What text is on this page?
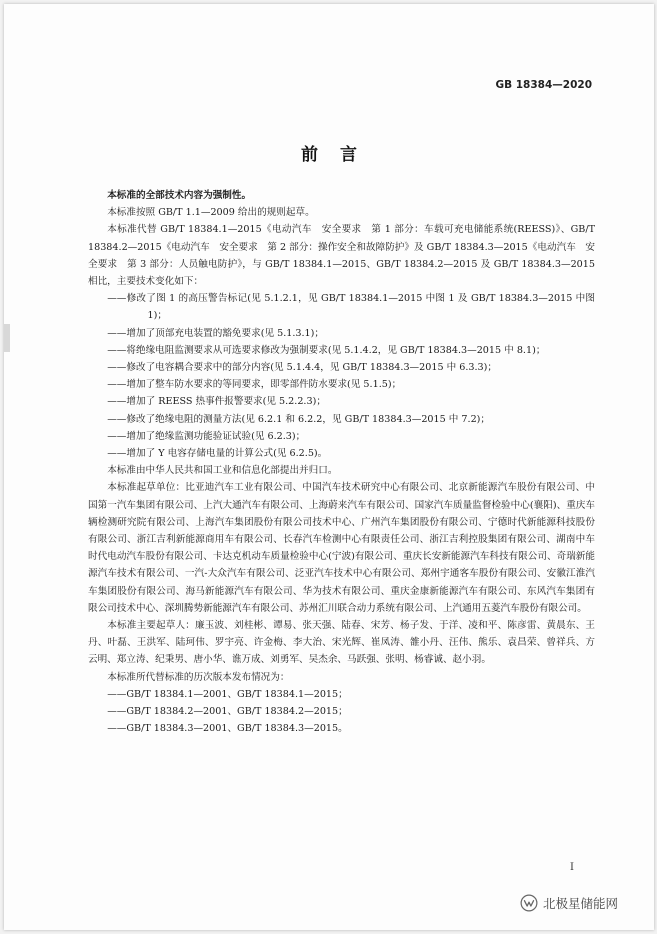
GB 18384—2020
前言

本标准的全部技术内容为强制性。

本标准按照 GB/T 1.1—2009 给出的规则起草。

本标准代替 GB/T 18384.1—2015《电动汽车　安全要求　第 1 部分：车载可充电储能系统(REESS)》、GB/T 18384.2—2015《电动汽车　安全要求　第 2 部分：操作安全和故障防护》及 GB/T 18384.3—2015《电动汽车　安全要求　第 3 部分：人员触电防护》，与 GB/T 18384.1—2015、GB/T 18384.2—2015 及 GB/T 18384.3—2015 相比，主要技术变化如下：

——修改了图 1 的高压警告标记(见 5.1.2.1，见 GB/T 18384.1—2015 中图 1 及 GB/T 18384.3—2015 中图 1)；

——增加了顶部充电装置的豁免要求(见 5.1.3.1)；

——将绝缘电阻监测要求从可选要求修改为强制要求(见 5.1.4.2，见 GB/T 18384.3—2015 中 8.1)；

——修改了电容耦合要求中的部分内容(见 5.1.4.4，见 GB/T 18384.3—2015 中 6.3.3)；

——增加了整车防水要求的等同要求，即零部件防水要求(见 5.1.5)；

——增加了 REESS 热事件报警要求(见 5.2.2.3)；

——修改了绝缘电阻的测量方法(见 6.2.1 和 6.2.2，见 GB/T 18384.3—2015 中 7.2)；

——增加了绝缘监测功能验证试验(见 6.2.3)；

——增加了 Y 电容存储电量的计算公式(见 6.2.5)。

本标准由中华人民共和国工业和信息化部提出并归口。

本标准起草单位：比亚迪汽车工业有限公司、中国汽车技术研究中心有限公司、北京新能源汽车股份有限公司、中国第一汽车集团有限公司、上汽大通汽车有限公司、上海蔚来汽车有限公司、国家汽车质量监督检验中心(襄阳)、重庆车辆检测研究院有限公司、上海汽车集团股份有限公司技术中心、广州汽车集团股份有限公司、宁德时代新能源科技股份有限公司、浙江吉利新能源商用车有限公司、长春汽车检测中心有限责任公司、浙江吉利控股集团有限公司、湖南中车时代电动汽车股份有限公司、卡达克机动车质量检验中心(宁波)有限公司、重庆长安新能源汽车科技有限公司、奇瑞新能源汽车技术有限公司、一汽-大众汽车有限公司、泛亚汽车技术中心有限公司、郑州宇通客车股份有限公司、安徽江淮汽车集团股份有限公司、海马新能源汽车有限公司、华为技术有限公司、重庆金康新能源汽车有限公司、东风汽车集团有限公司技术中心、深圳腾势新能源汽车有限公司、苏州汇川联合动力系统有限公司、上汽通用五菱汽车股份有限公司。

本标准主要起草人：廉玉波、刘桂彬、谭易、张天强、陆春、宋芳、杨子发、于洋、凌和平、陈彦雷、黄晨东、王丹、叶磊、王洪军、陆珂伟、罗宇亮、许金梅、李大治、宋光辉、崔凤涛、雒小丹、汪伟、熊乐、袁昌荣、曾祥兵、方云明、郑立涛、纪秉男、唐小华、谯万成、刘勇军、吴杰余、马跃强、张明、杨睿诚、赵小羽。

本标准所代替标准的历次版本发布情况为：

——GB/T 18384.1—2001、GB/T 18384.1—2015；

——GB/T 18384.2—2001、GB/T 18384.2—2015；

——GB/T 18384.3—2001、GB/T 18384.3—2015。

I
北极星储能网
